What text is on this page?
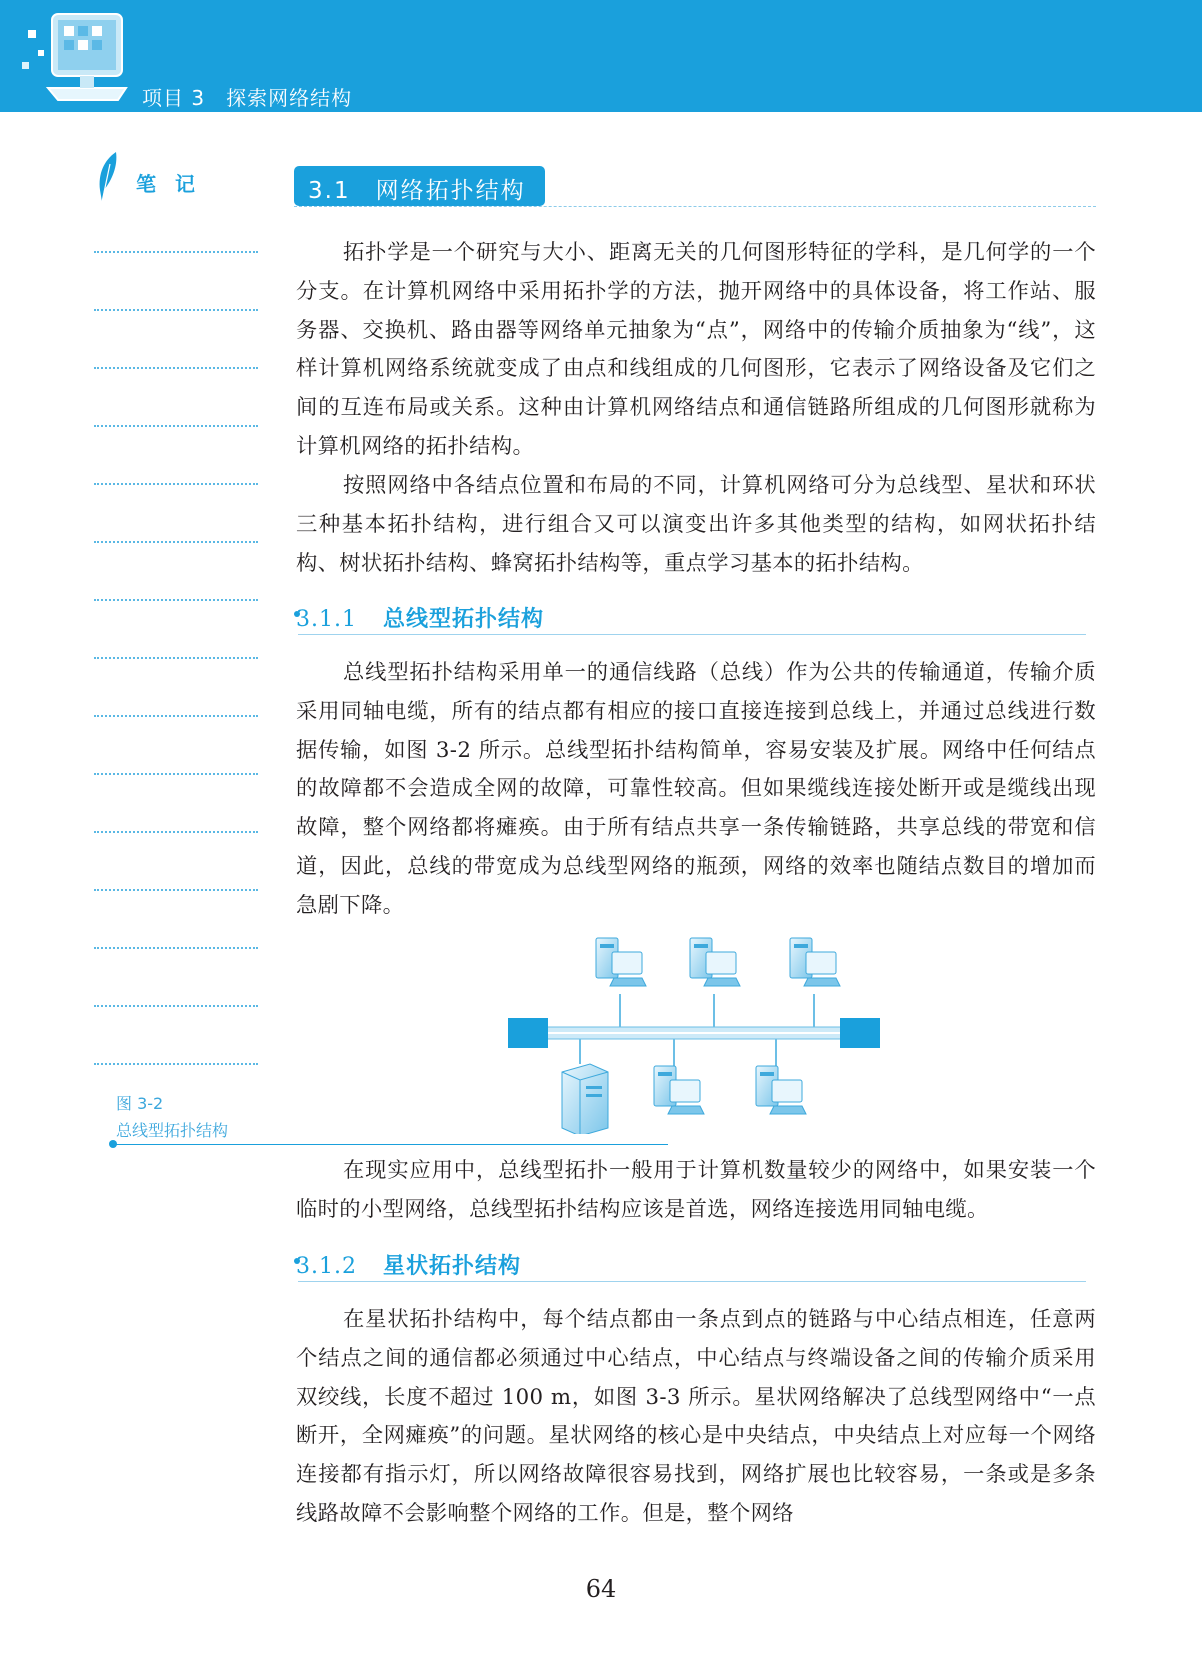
项目 3　探索网络结构
笔 记
图 3-2
总线型拓扑结构
3.1　网络拓扑结构

拓扑学是一个研究与大小、距离无关的几何图形特征的学科，是几何学的一个分支。在计算机网络中采用拓扑学的方法，抛开网络中的具体设备，将工作站、服务器、交换机、路由器等网络单元抽象为“点”，网络中的传输介质抽象为“线”，这样计算机网络系统就变成了由点和线组成的几何图形，它表示了网络设备及它们之间的互连布局或关系。这种由计算机网络结点和通信链路所组成的几何图形就称为计算机网络的拓扑结构。

按照网络中各结点位置和布局的不同，计算机网络可分为总线型、星状和环状三种基本拓扑结构，进行组合又可以演变出许多其他类型的结构，如网状拓扑结构、树状拓扑结构、蜂窝拓扑结构等，重点学习基本的拓扑结构。

3.1.1 总线型拓扑结构

总线型拓扑结构采用单一的通信线路（总线）作为公共的传输通道，传输介质采用同轴电缆，所有的结点都有相应的接口直接连接到总线上，并通过总线进行数据传输，如图 3-2 所示。总线型拓扑结构简单，容易安装及扩展。网络中任何结点的故障都不会造成全网的故障，可靠性较高。但如果缆线连接处断开或是缆线出现故障，整个网络都将瘫痪。由于所有结点共享一条传输链路，共享总线的带宽和信道，因此，总线的带宽成为总线型网络的瓶颈，网络的效率也随结点数目的增加而急剧下降。

在现实应用中，总线型拓扑一般用于计算机数量较少的网络中，如果安装一个临时的小型网络，总线型拓扑结构应该是首选，网络连接选用同轴电缆。

3.1.2 星状拓扑结构

在星状拓扑结构中，每个结点都由一条点到点的链路与中心结点相连，任意两个结点之间的通信都必须通过中心结点，中心结点与终端设备之间的传输介质采用双绞线，长度不超过 100 m，如图 3-3 所示。星状网络解决了总线型网络中“一点断开，全网瘫痪”的问题。星状网络的核心是中央结点，中央结点上对应每一个网络连接都有指示灯，所以网络故障很容易找到，网络扩展也比较容易，一条或是多条线路故障不会影响整个网络的工作。但是，整个网络

64
